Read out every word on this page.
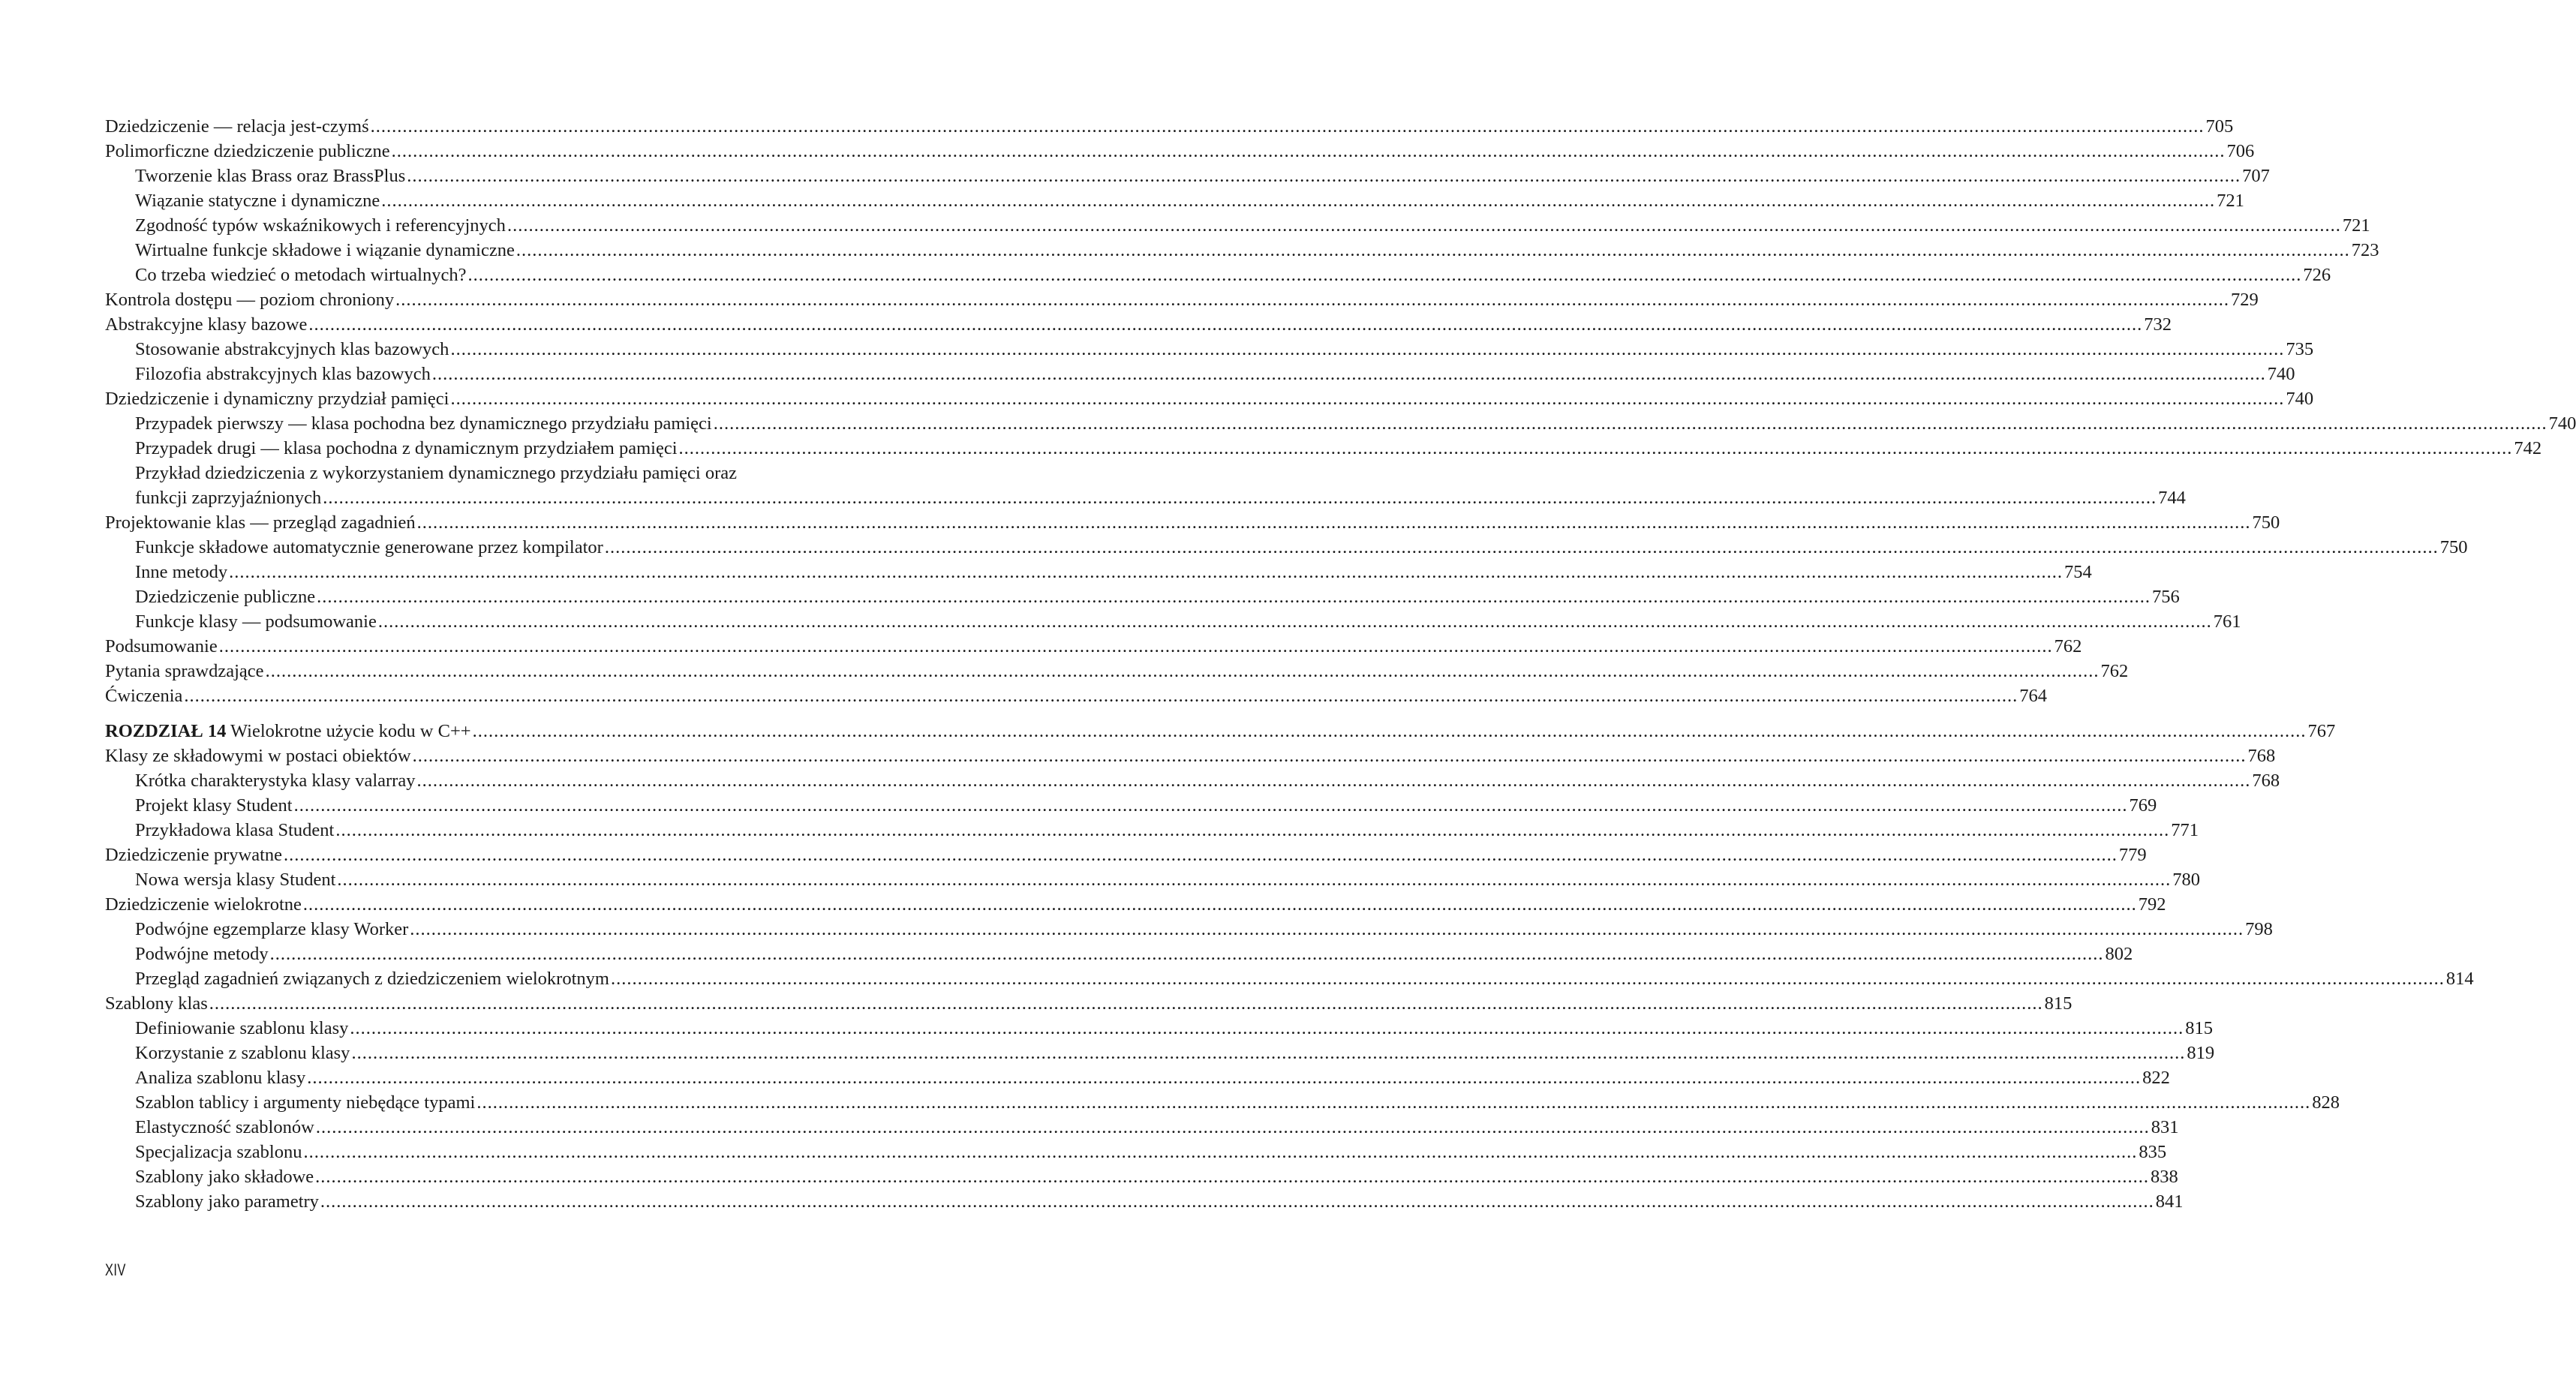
Dziedziczenie — relacja jest-czymś .....	705
Polimorficzne dziedziczenie publiczne .....	706
Tworzenie klas Brass oraz BrassPlus .....	707
Wiązanie statyczne i dynamiczne .....	721
Zgodność typów wskaźnikowych i referencyjnych .....	721
Wirtualne funkcje składowe i wiązanie dynamiczne .....	723
Co trzeba wiedzieć o metodach wirtualnych? .....	726
Kontrola dostępu — poziom chroniony .....	729
Abstrakcyjne klasy bazowe .....	732
Stosowanie abstrakcyjnych klas bazowych .....	735
Filozofia abstrakcyjnych klas bazowych .....	740
Dziedziczenie i dynamiczny przydział pamięci .....	740
Przypadek pierwszy — klasa pochodna bez dynamicznego przydziału pamięci .....	740
Przypadek drugi — klasa pochodna z dynamicznym przydziałem pamięci .....	742
Przykład dziedziczenia z wykorzystaniem dynamicznego przydziału pamięci oraz
funkcji zaprzyjaźnionych .....	744
Projektowanie klas — przegląd zagadnień .....	750
Funkcje składowe automatycznie generowane przez kompilator .....	750
Inne metody .....	754
Dziedziczenie publiczne .....	756
Funkcje klasy — podsumowanie .....	761
Podsumowanie .....	762
Pytania sprawdzające .....	762
Ćwiczenia .....	764
ROZDZIAŁ 14 Wielokrotne użycie kodu w C++ .....	767
Klasy ze składowymi w postaci obiektów .....	768
Krótka charakterystyka klasy valarray .....	768
Projekt klasy Student .....	769
Przykładowa klasa Student .....	771
Dziedziczenie prywatne .....	779
Nowa wersja klasy Student .....	780
Dziedziczenie wielokrotne .....	792
Podwójne egzemplarze klasy Worker .....	798
Podwójne metody .....	802
Przegląd zagadnień związanych z dziedziczeniem wielokrotnym .....	814
Szablony klas .....	815
Definiowanie szablonu klasy .....	815
Korzystanie z szablonu klasy .....	819
Analiza szablonu klasy .....	822
Szablon tablicy i argumenty niebędące typami .....	828
Elastyczność szablonów .....	831
Specjalizacja szablonu .....	835
Szablony jako składowe .....	838
Szablony jako parametry .....	841
XIV
